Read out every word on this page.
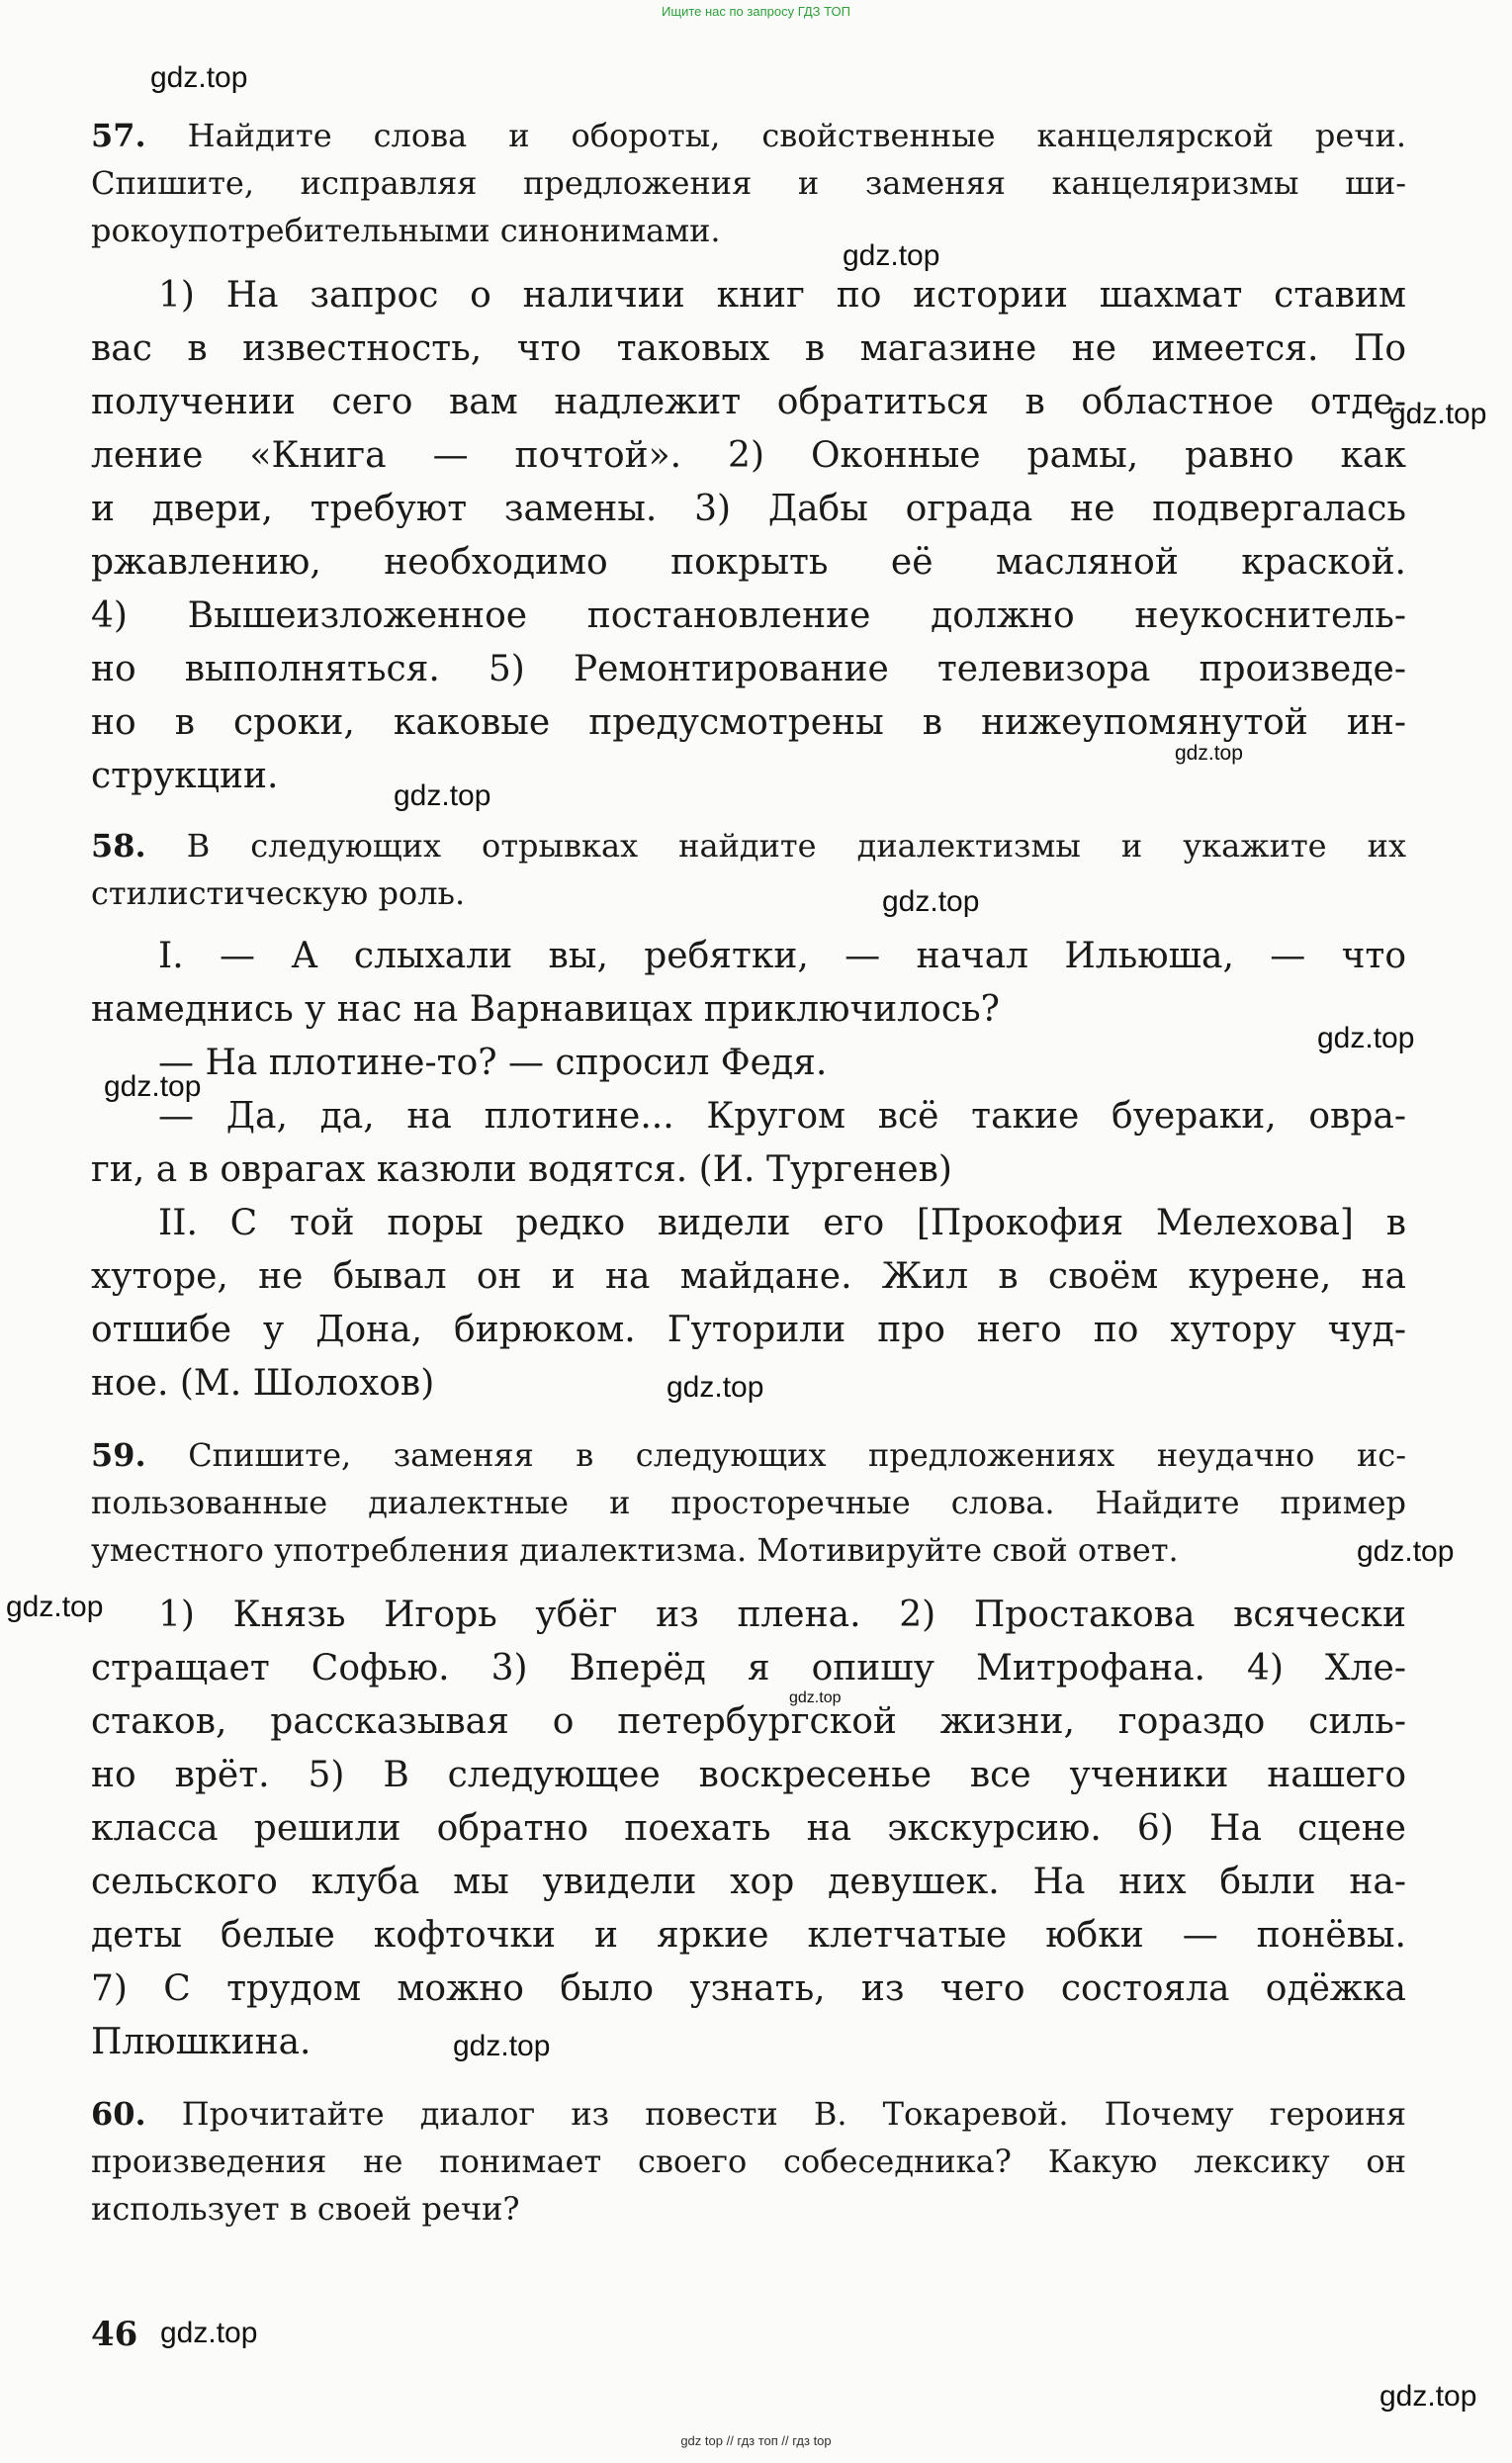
Ищите нас по запросу ГДЗ ТОП
gdz top // гдз топ // гдз top
57. Найдите слова и обороты, свойственные канцелярской речи.
Спишите, исправляя предложения и заменяя канцеляризмы ши-
рокоупотребительными синонимами.
1) На запрос о наличии книг по истории шахмат ставим
вас в известность, что таковых в магазине не имеется. По
получении сего вам надлежит обратиться в областное отде-
ление «Книга — почтой». 2) Оконные рамы, равно как
и двери, требуют замены. 3) Дабы ограда не подвергалась
ржавлению, необходимо покрыть её масляной краской.
4) Вышеизложенное постановление должно неукоснитель-
но выполняться. 5) Ремонтирование телевизора произведе-
но в сроки, каковые предусмотрены в нижеупомянутой ин-
струкции.
58. В следующих отрывках найдите диалектизмы и укажите их
стилистическую роль.
I. — А слыхали вы, ребятки, — начал Ильюша, — что
намеднись у нас на Варнавицах приключилось?
— На плотине-то? — спросил Федя.
— Да, да, на плотине... Кругом всё такие буераки, овра-
ги, а в оврагах казюли водятся. (И. Тургенев)
II. С той поры редко видели его [Прокофия Мелехова] в
хуторе, не бывал он и на майдане. Жил в своём курене, на
отшибе у Дона, бирюком. Гуторили про него по хутору чуд-
ное. (М. Шолохов)
59. Спишите, заменяя в следующих предложениях неудачно ис-
пользованные диалектные и просторечные слова. Найдите пример
уместного употребления диалектизма. Мотивируйте свой ответ.
1) Князь Игорь убёг из плена. 2) Простакова всячески
стращает Софью. 3) Вперёд я опишу Митрофана. 4) Хле-
стаков, рассказывая о петербургской жизни, гораздо силь-
но врёт. 5) В следующее воскресенье все ученики нашего
класса решили обратно поехать на экскурсию. 6) На сцене
сельского клуба мы увидели хор девушек. На них были на-
деты белые кофточки и яркие клетчатые юбки — понёвы.
7) С трудом можно было узнать, из чего состояла одёжка
Плюшкина.
60. Прочитайте диалог из повести В. Токаревой. Почему героиня
произведения не понимает своего собеседника? Какую лексику он
использует в своей речи?
46
gdz.top
gdz.top
gdz.top
gdz.top
gdz.top
gdz.top
gdz.top
gdz.top
gdz.top
gdz.top
gdz.top
gdz.top
gdz.top
gdz.top
gdz.top
